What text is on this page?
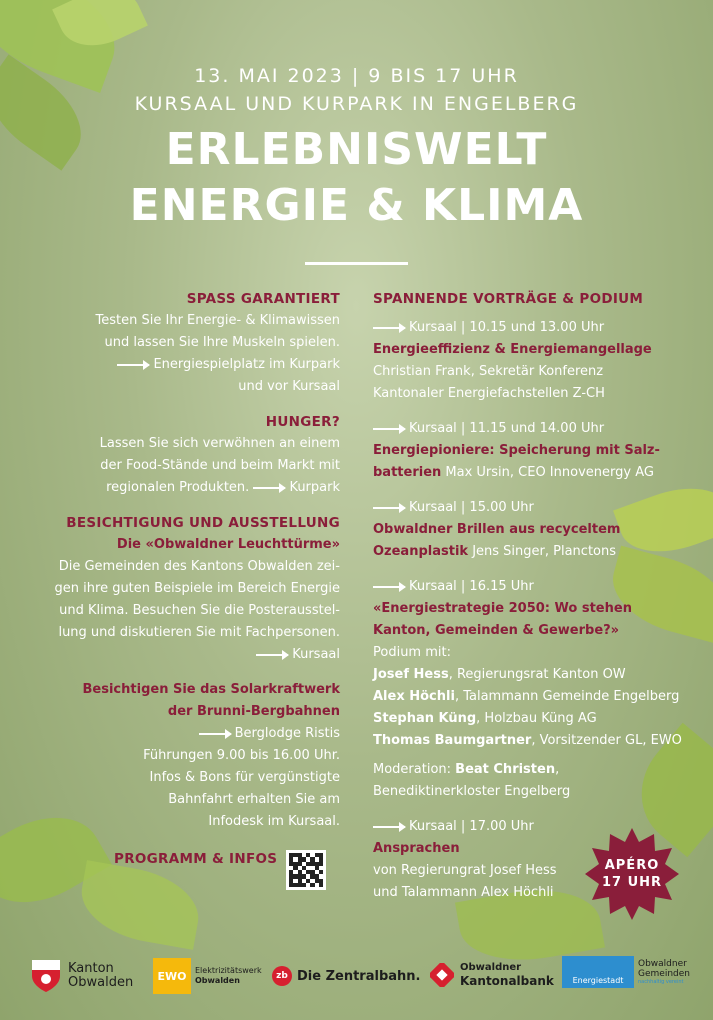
13. MAI 2023 | 9 BIS 17 UHR
KURSAAL UND KURPARK IN ENGELBERG
ERLEBNISWELT
ENERGIE & KLIMA
SPASS GARANTIERT
Testen Sie Ihr Energie- & Klimawissen
und lassen Sie Ihre Muskeln spielen.
Energiespielplatz im Kurpark
und vor Kursaal
HUNGER?
Lassen Sie sich verwöhnen an einem
der Food-Stände und beim Markt mit
regionalen Produkten.	Kurpark
BESICHTIGUNG UND AUSSTELLUNG
Die «Obwaldner Leuchttürme»
Die Gemeinden des Kantons Obwalden zei-
gen ihre guten Beispiele im Bereich Energie
und Klima. Besuchen Sie die Posterausstel-
lung und diskutieren Sie mit Fachpersonen.
Kursaal
Besichtigen Sie das Solarkraftwerk
der Brunni-Bergbahnen
Berglodge Ristis
Führungen 9.00 bis 16.00 Uhr.
Infos & Bons für vergünstigte
Bahnfahrt erhalten Sie am
Infodesk im Kursaal.
PROGRAMM & INFOS
SPANNENDE VORTRÄGE & PODIUM
Kursaal | 10.15 und 13.00 Uhr
Energieeffizienz & Energiemangellage
Christian Frank, Sekretär Konferenz
Kantonaler Energiefachstellen Z-CH
Kursaal | 11.15 und 14.00 Uhr
Energiepioniere: Speicherung mit Salz-
batterien Max Ursin, CEO Innovenergy AG
Kursaal | 15.00 Uhr
Obwaldner Brillen aus recyceltem
Ozeanplastik Jens Singer, Planctons
Kursaal | 16.15 Uhr
«Energiestrategie 2050: Wo stehen
Kanton, Gemeinden & Gewerbe?»
Podium mit:
Josef Hess, Regierungsrat Kanton OW
Alex Höchli, Talammann Gemeinde Engelberg
Stephan Küng, Holzbau Küng AG
Thomas Baumgartner, Vorsitzender GL, EWO
Moderation: Beat Christen,
Benediktinerkloster Engelberg
Kursaal | 17.00 Uhr
Ansprachen
von Regierungrat Josef Hess
und Talammann Alex Höchli
APÉRO
17 UHR
Kanton
Obwalden	EWO	Elektrizitätswerk
Obwalden	zb Die Zentralbahn.
Obwaldner
Kantonalbank	Energiestadt
Obwaldner
Gemeinden
nachhaltig vereint
